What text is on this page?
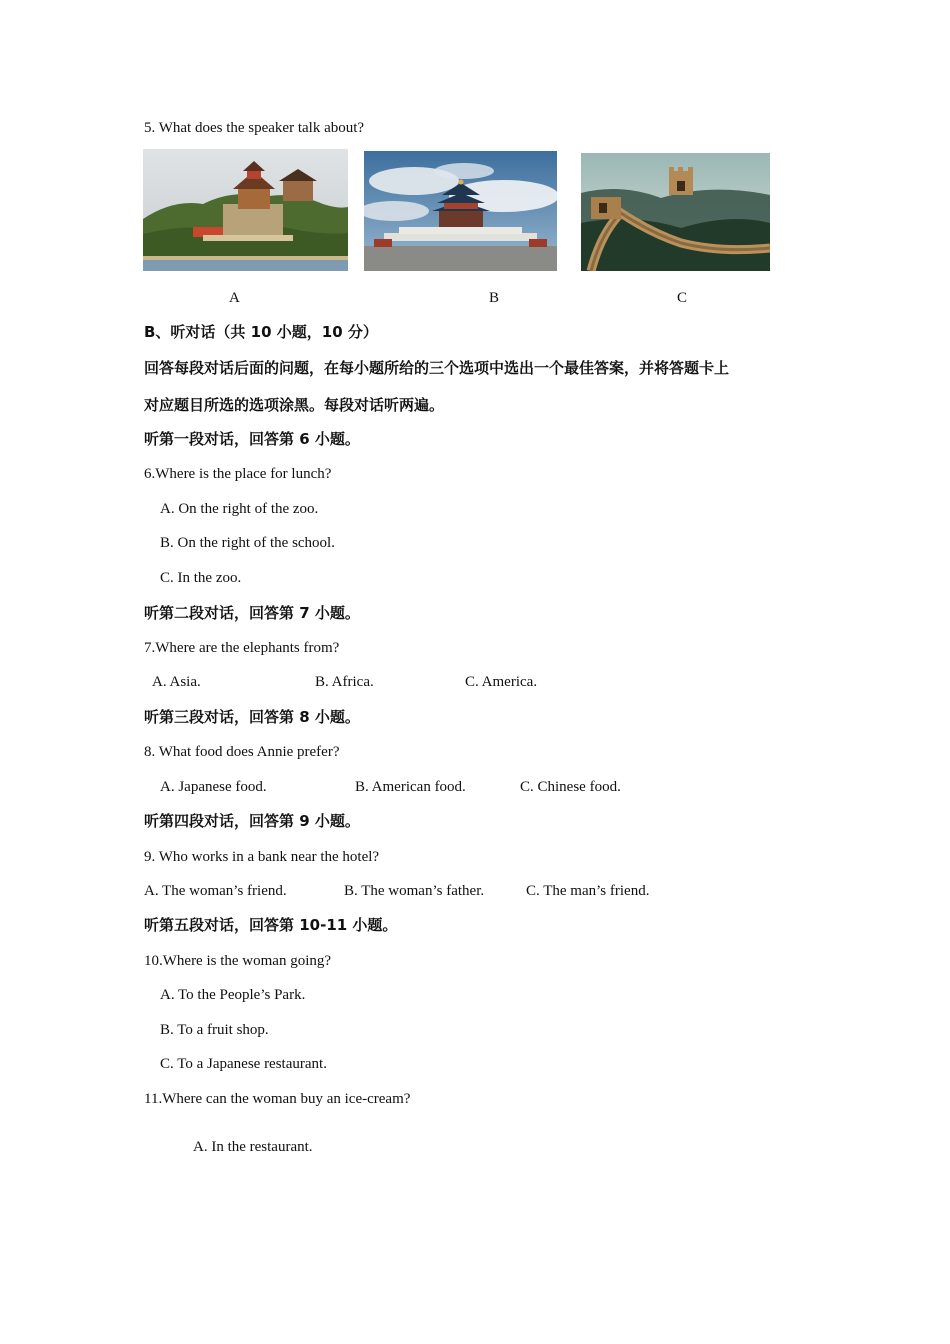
5. What does the speaker talk about?
A	B	C
B、听对话（共 10 小题，10 分）
回答每段对话后面的问题，在每小题所给的三个选项中选出一个最佳答案，并将答题卡上
对应题目所选的选项涂黑。每段对话听两遍。
听第一段对话，回答第 6 小题。
6.Where is the place for lunch?
A. On the right of the zoo.
B. On the right of the school.
C. In the zoo.
听第二段对话，回答第 7 小题。
7.Where are the elephants from?
A. Asia.	B. Africa.	C. America.
听第三段对话，回答第 8 小题。
8. What food does Annie prefer?
A. Japanese food.	B. American food.	C. Chinese food.
听第四段对话，回答第 9 小题。
9. Who works in a bank near the hotel?
A. The woman’s friend.	B. The woman’s father.	C. The man’s friend.
听第五段对话，回答第 10-11 小题。
10.Where is the woman going?
A. To the People’s Park.
B. To a fruit shop.
C. To a Japanese restaurant.
11.Where can the woman buy an ice-cream?
A. In the restaurant.
